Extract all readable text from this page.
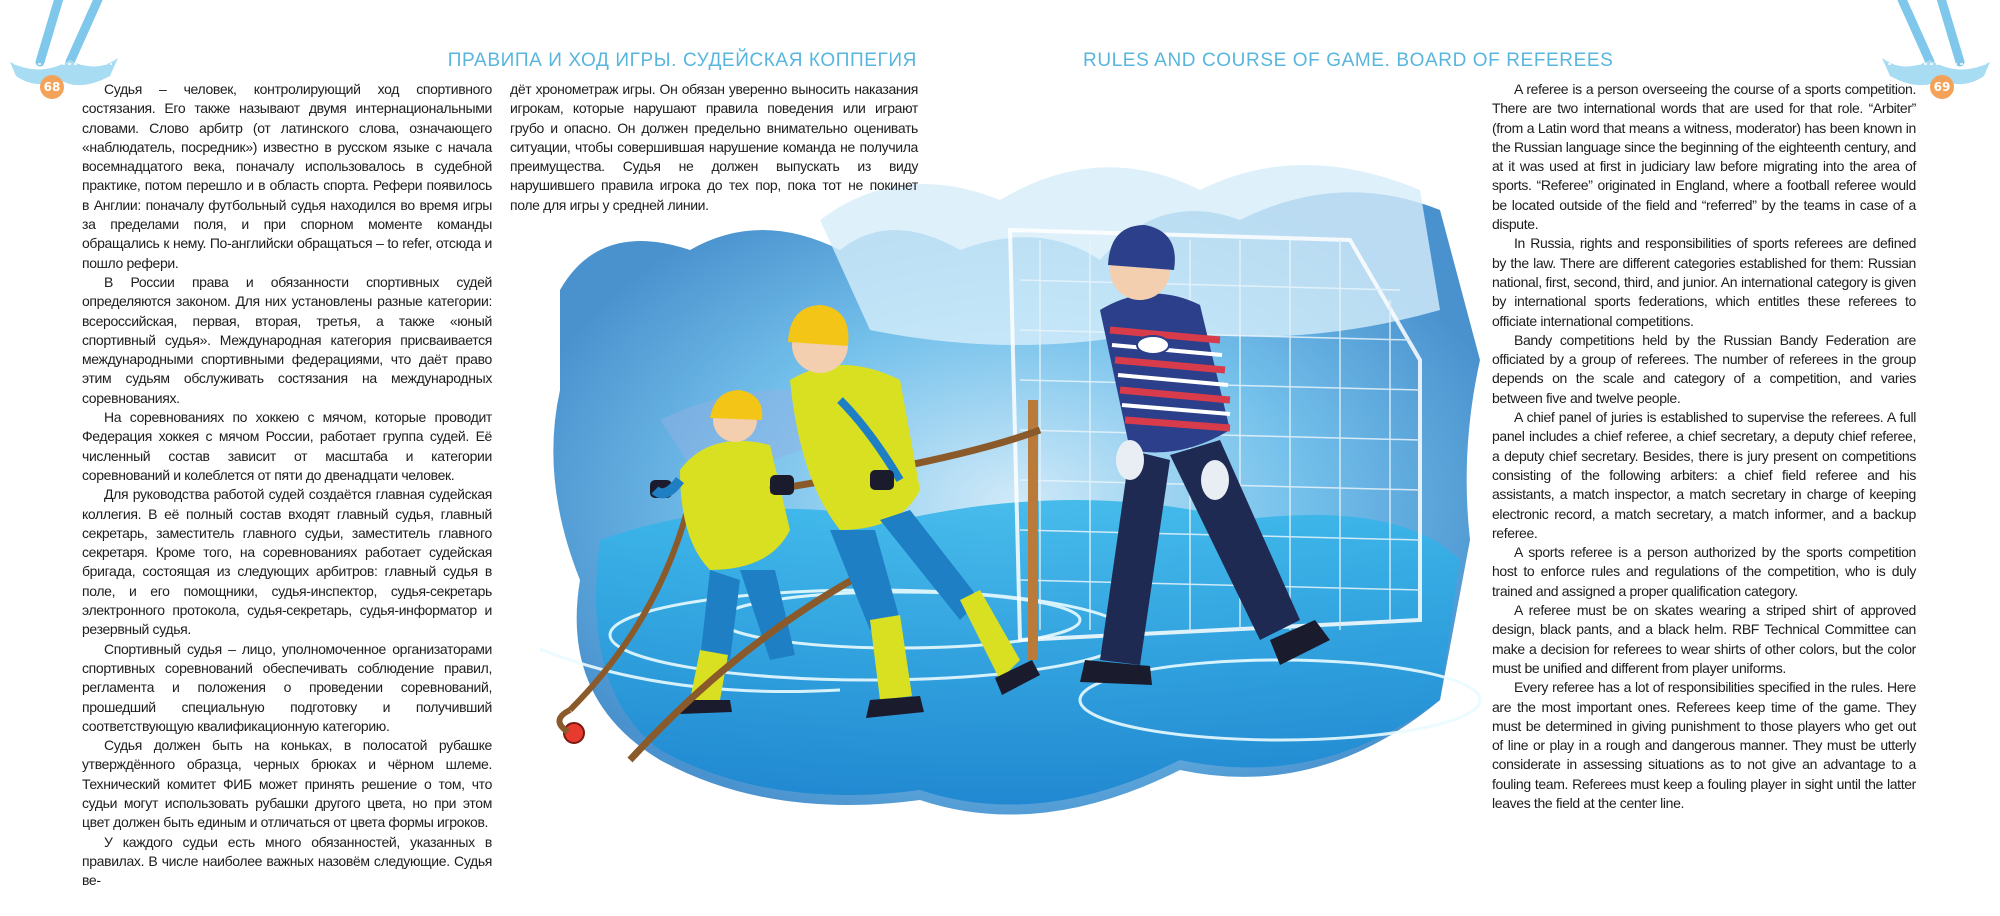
68	69
ПРАВИПА И ХОД ИГРЫ. СУДЕЙСКАЯ КОППЕГИЯ	RULES AND COURSE OF GAME. BOARD OF REFEREES

Судья – человек, контролирующий ход спортивного состязания. Его также называют двумя интернациональными словами. Слово арбитр (от латинского слова, означающего «наблюдатель, посредник») известно в русском языке с начала восемнадцатого века, поначалу использовалось в судебной практике, потом перешло и в область спорта. Рефери появилось в Англии: поначалу футбольный судья находился во время игры за пределами поля, и при спорном моменте команды обращались к нему. По-английски обращаться – to refer, отсюда и пошло рефери.

В России права и обязанности спортивных судей определяются законом. Для них установлены разные категории: всероссийская, первая, вторая, третья, а также «юный спортивный судья». Международная категория присваивается международными спортивными федерациями, что даёт право этим судьям обслуживать состязания на международных соревнованиях.

На соревнованиях по хоккею с мячом, которые проводит Федерация хоккея с мячом России, работает группа судей. Её численный состав зависит от масштаба и категории соревнований и колеблется от пяти до двенадцати человек.

Для руководства работой судей создаётся главная судейская коллегия. В её полный состав входят главный судья, главный секретарь, заместитель главного судьи, заместитель главного секретаря. Кроме того, на соревнованиях работает судейская бригада, состоящая из следующих арбитров: главный судья в поле, и его помощники, судья-инспектор, судья-секретарь электронного протокола, судья-секретарь, судья-информатор и резервный судья.

Спортивный судья – лицо, уполномоченное организаторами спортивных соревнований обеспечивать соблюдение правил, регламента и положения о проведении соревнований, прошедший специальную подготовку и получивший соответствующую квалификационную категорию.

Судья должен быть на коньках, в полосатой рубашке утверждённого образца, черных брюках и чёрном шлеме. Технический комитет ФИБ может принять решение о том, что судьи могут использовать рубашки другого цвета, но при этом цвет должен быть единым и отличаться от цвета формы игроков.

У каждого судьи есть много обязанностей, указанных в правилах. В числе наиболее важных назовём следующие. Судья ве-

дёт хронометраж игры. Он обязан уверенно выносить наказания игрокам, которые нарушают правила поведения или играют грубо и опасно. Он должен предельно внимательно оценивать ситуации, чтобы совершившая нарушение команда не получила преимущества. Судья не должен выпускать из виду нарушившего правила игрока до тех пор, пока тот не покинет поле для игры у средней линии.

A referee is a person overseeing the course of a sports competition. There are two international words that are used for that role. “Arbiter” (from a Latin word that means a witness, moderator) has been known in the Russian language since the beginning of the eighteenth century, and at it was used at first in judiciary law before migrating into the area of sports. “Referee” originated in England, where a football referee would be located outside of the field and “referred” by the teams in case of a dispute.

In Russia, rights and responsibilities of sports referees are defined by the law. There are different categories established for them: Russian national, first, second, third, and junior. An international category is given by international sports federations, which entitles these referees to officiate international competitions.

Bandy competitions held by the Russian Bandy Federation are officiated by a group of referees. The number of referees in the group depends on the scale and category of a competition, and varies between five and twelve people.

A chief panel of juries is established to supervise the referees. A full panel includes a chief referee, a chief secretary, a deputy chief referee, a deputy chief secretary. Besides, there is jury present on competitions consisting of the following arbiters: a chief field referee and his assistants, a match inspector, a match secretary in charge of keeping electronic record, a match secretary, a match informer, and a backup referee.

A sports referee is a person authorized by the sports competition host to enforce rules and regulations of the competition, who is duly trained and assigned a proper qualification category.

A referee must be on skates wearing a striped shirt of approved design, black pants, and a black helm. RBF Technical Committee can make a decision for referees to wear shirts of other colors, but the color must be unified and different from player uniforms.

Every referee has a lot of responsibilities specified in the rules. Here are the most important ones. Referees keep time of the game. They must be determined in giving punishment to those players who get out of line or play in a rough and dangerous manner. They must be utterly considerate in assessing situations as to not give an advantage to a fouling team. Referees must keep a fouling player in sight until the latter leaves the field at the center line.
